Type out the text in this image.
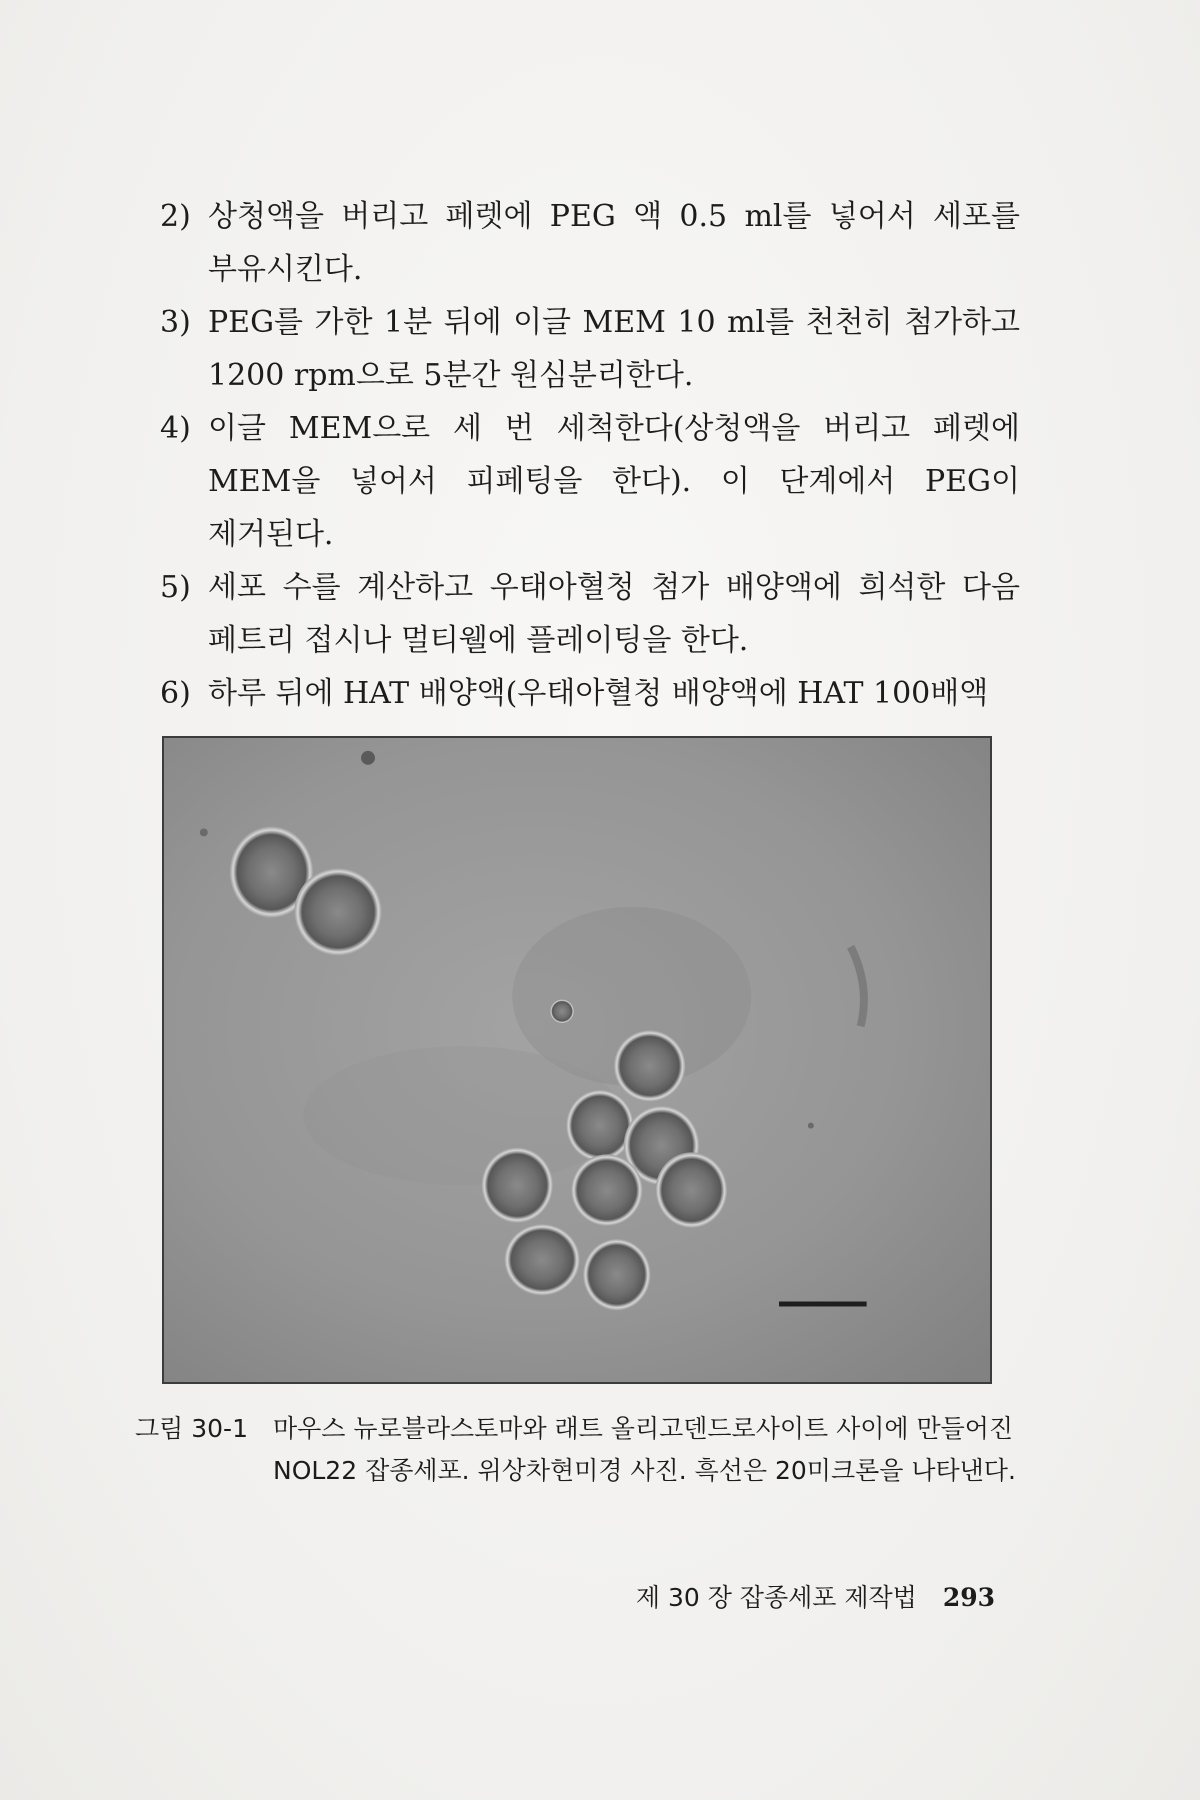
2) 상청액을 버리고 페렛에 PEG 액 0.5 ml를 넣어서 세포를 부유시킨다.
3) PEG를 가한 1분 뒤에 이글 MEM 10 ml를 천천히 첨가하고 1200 rpm으로 5분간 원심분리한다.
4) 이글 MEM으로 세 번 세척한다(상청액을 버리고 페렛에 MEM을 넣어서 피페팅을 한다). 이 단계에서 PEG이 제거된다.
5) 세포 수를 계산하고 우태아혈청 첨가 배양액에 희석한 다음 페트리 접시나 멀티웰에 플레이팅을 한다.
6) 하루 뒤에 HAT 배양액(우태아혈청 배양액에 HAT 100배액
그림 30-1	마우스 뉴로블라스토마와 래트 올리고덴드로사이트 사이에 만들어진 NOL22 잡종세포. 위상차현미경 사진. 흑선은 20미크론을 나타낸다.
제 30 장 잡종세포 제작법 293
